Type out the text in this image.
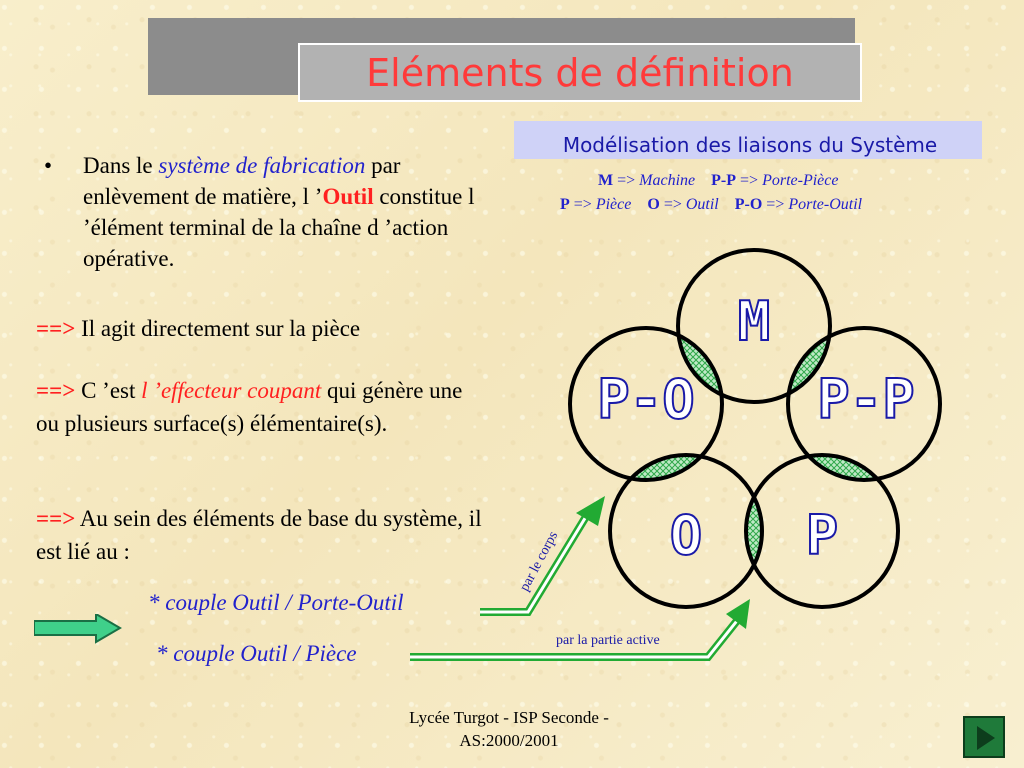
Eléments de définition
• Dans le système de fabrication par enlèvement de matière, l ’Outil constitue l ’élément terminal de la chaîne d ’action opérative.
==> Il agit directement sur la pièce
==> C ’est l ’effecteur coupant qui génère une ou plusieurs surface(s) élémentaire(s).
==> Au sein des éléments de base du système, il est lié au :
* couple Outil / Porte-Outil
* couple Outil / Pièce
Modélisation des liaisons du Système
M => Machine P-P => Porte-Pièce
P => Pièce O => Outil P-O => Porte-Outil
M
P-P
P
O
P-O
par le corps
par la partie active
Lycée Turgot - ISP Seconde -
AS:2000/2001
